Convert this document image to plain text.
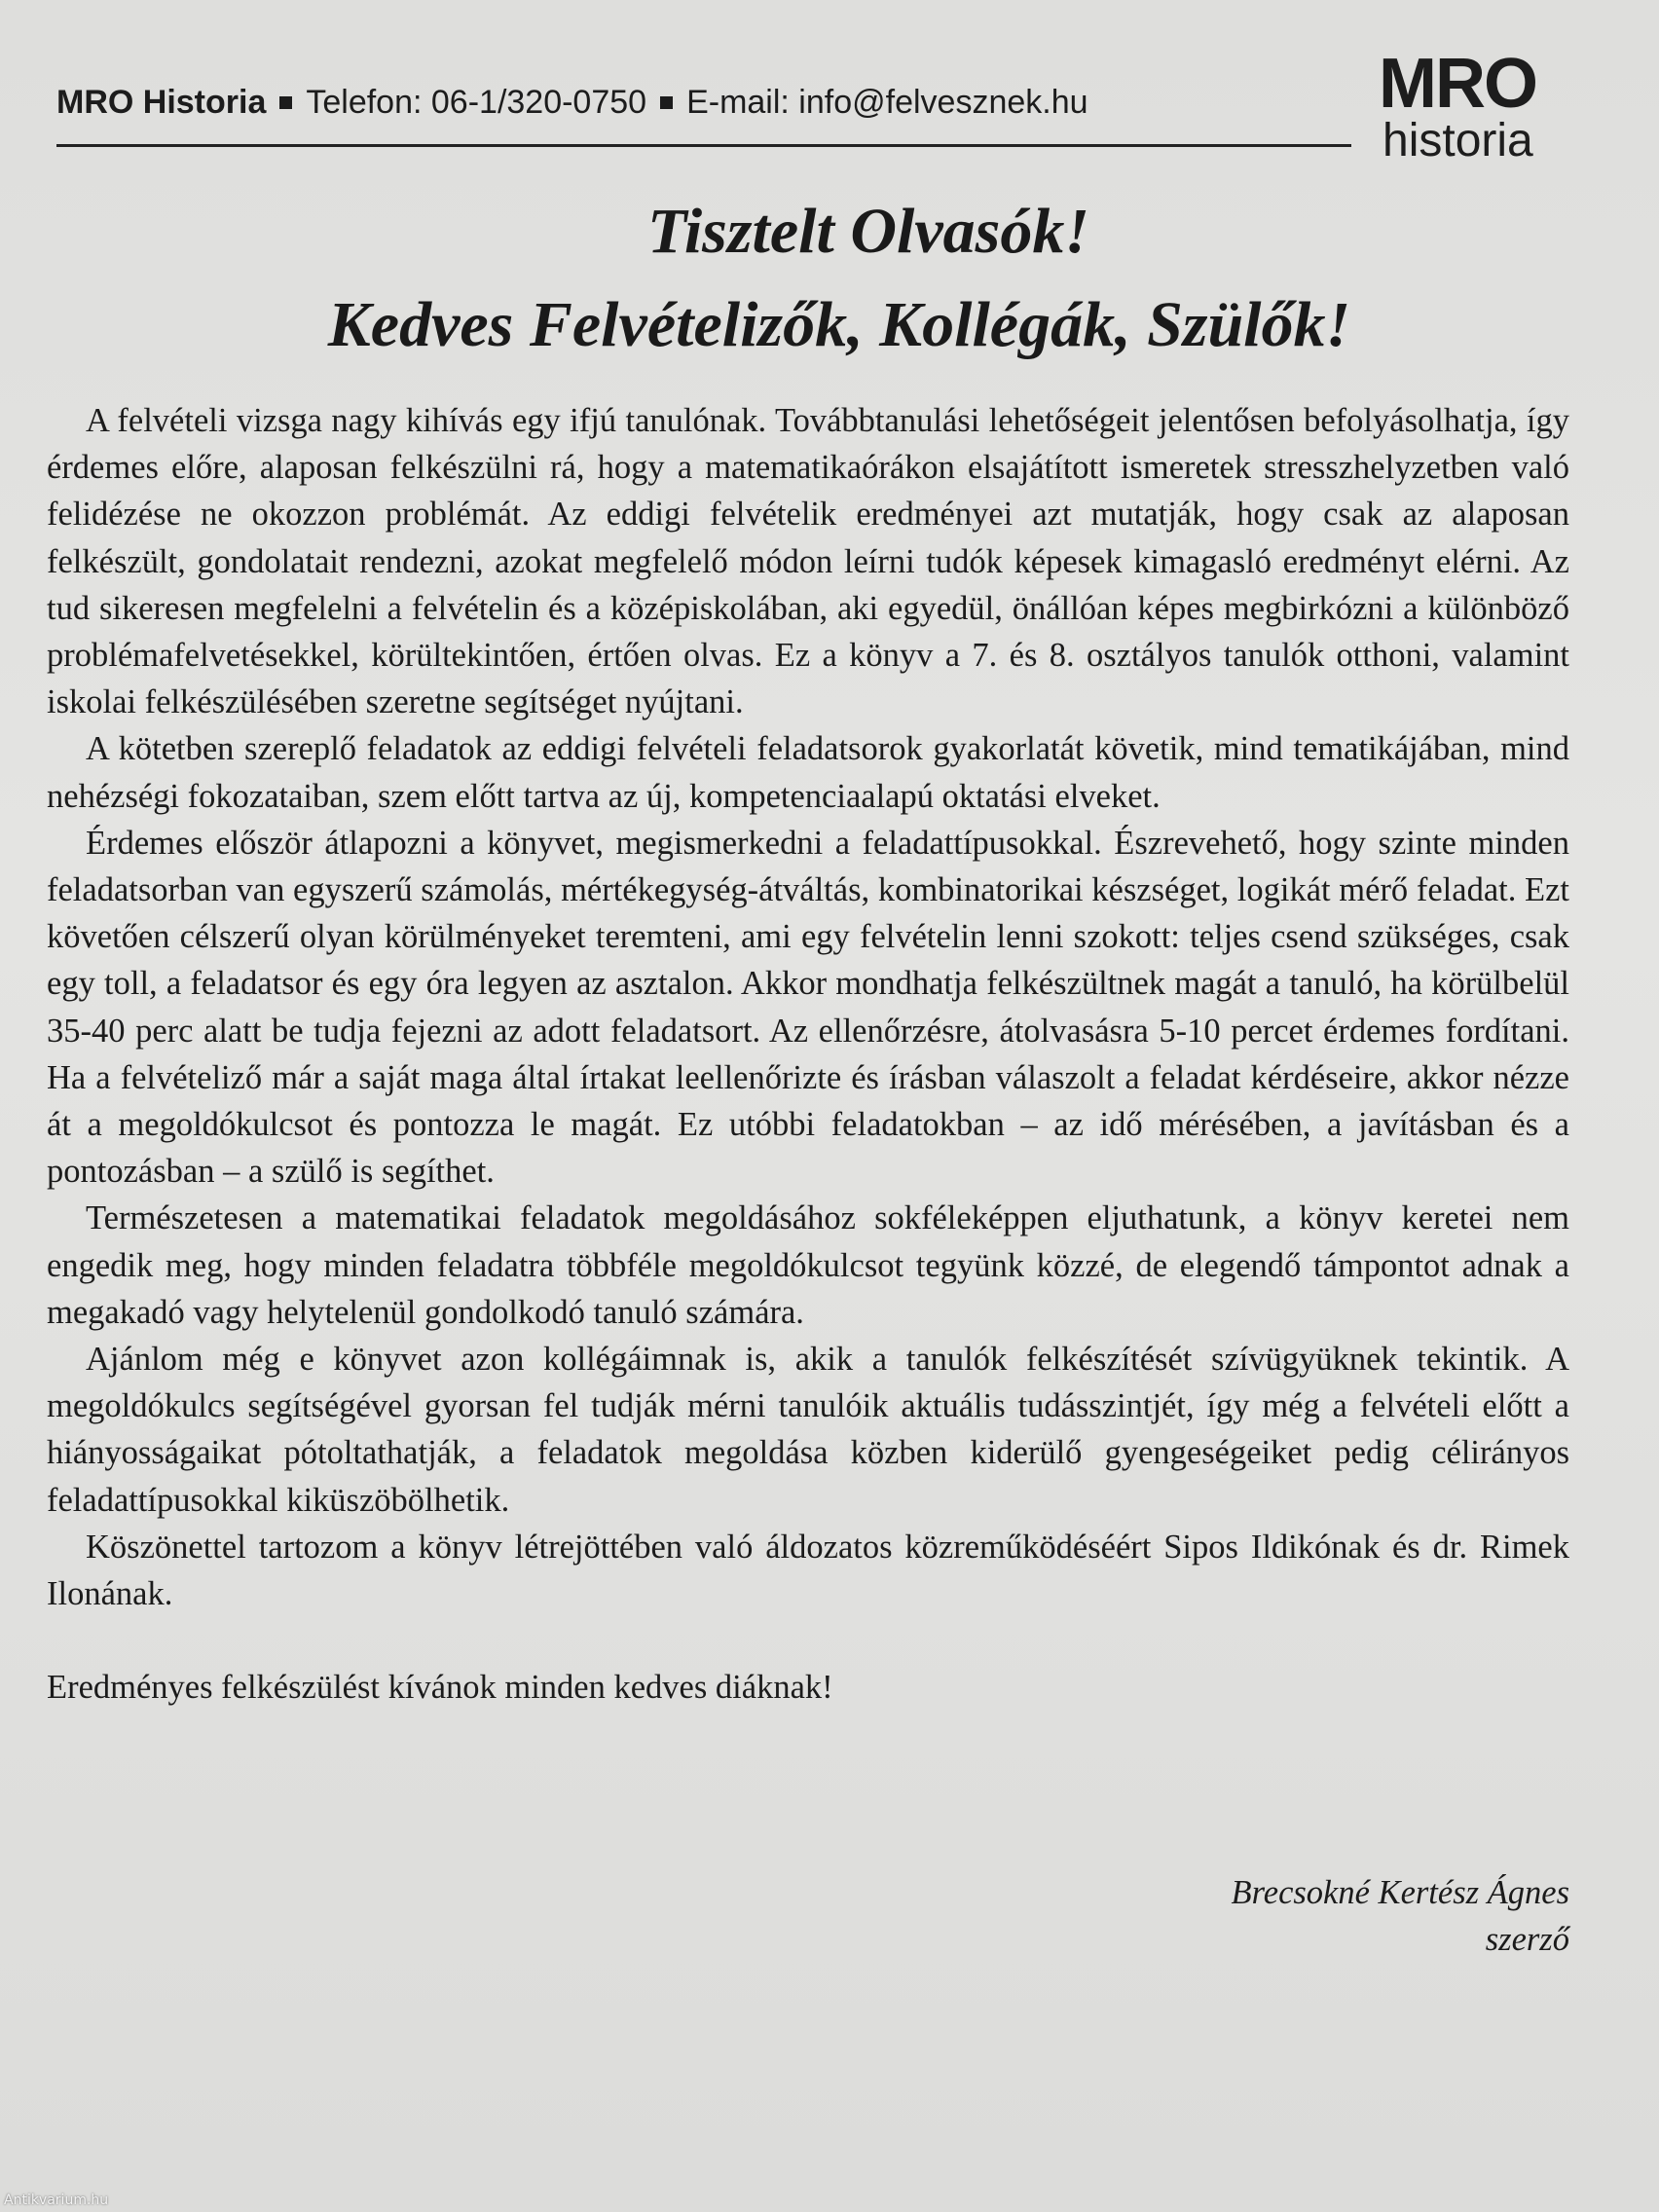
MRO Historia Telefon: 06-1/320-0750 E-mail: info@felvesznek.hu	MRO
historia
Tisztelt Olvasók!
Kedves Felvételizők, Kollégák, Szülők!

A felvételi vizsga nagy kihívás egy ifjú tanulónak. Továbbtanulási lehetőségeit jelentősen befolyásolhatja, így érdemes előre, alaposan felkészülni rá, hogy a matematikaórákon elsajátított ismeretek stresszhelyzetben való felidézése ne okozzon problémát. Az eddigi felvételik eredményei azt mutatják, hogy csak az alaposan felkészült, gondolatait rendezni, azokat megfelelő módon leírni tudók képesek kimagasló eredményt elérni. Az tud sikeresen megfelelni a felvételin és a középiskolában, aki egyedül, önállóan képes megbirkózni a különböző problémafelvetésekkel, körültekintően, értően olvas. Ez a könyv a 7. és 8. osztályos tanulók otthoni, valamint iskolai felkészülésében szeretne segítséget nyújtani.

A kötetben szereplő feladatok az eddigi felvételi feladatsorok gyakorlatát követik, mind tematikájában, mind nehézségi fokozataiban, szem előtt tartva az új, kompetenciaalapú oktatási elveket.

Érdemes először átlapozni a könyvet, megismerkedni a feladattípusokkal. Észrevehető, hogy szinte minden feladatsorban van egyszerű számolás, mértékegység-átváltás, kombinatorikai készséget, logikát mérő feladat. Ezt követően célszerű olyan körülményeket teremteni, ami egy felvételin lenni szokott: teljes csend szükséges, csak egy toll, a feladatsor és egy óra legyen az asztalon. Akkor mondhatja felkészültnek magát a tanuló, ha körülbelül 35-40 perc alatt be tudja fejezni az adott feladatsort. Az ellenőrzésre, átolvasásra 5-10 percet érdemes fordítani. Ha a felvételiző már a saját maga által írtakat leellenőrizte és írásban válaszolt a feladat kérdéseire, akkor nézze át a megoldókulcsot és pontozza le magát. Ez utóbbi feladatokban – az idő mérésében, a javításban és a pontozásban – a szülő is segíthet.

Természetesen a matematikai feladatok megoldásához sokféleképpen eljuthatunk, a könyv keretei nem engedik meg, hogy minden feladatra többféle megoldókulcsot tegyünk közzé, de elegendő támpontot adnak a megakadó vagy helytelenül gondolkodó tanuló számára.

Ajánlom még e könyvet azon kollégáimnak is, akik a tanulók felkészítését szívügyüknek tekintik. A megoldókulcs segítségével gyorsan fel tudják mérni tanulóik aktuális tudásszintjét, így még a felvételi előtt a hiányosságaikat pótoltathatják, a feladatok megoldása közben kiderülő gyengeségeiket pedig célirányos feladattípusokkal kiküszöbölhetik.

Köszönettel tartozom a könyv létrejöttében való áldozatos közreműködéséért Sipos Ildikónak és dr. Rimek Ilonának.

Eredményes felkészülést kívánok minden kedves diáknak!

Brecsokné Kertész Ágnes
szerző
Antikvarium.hu
